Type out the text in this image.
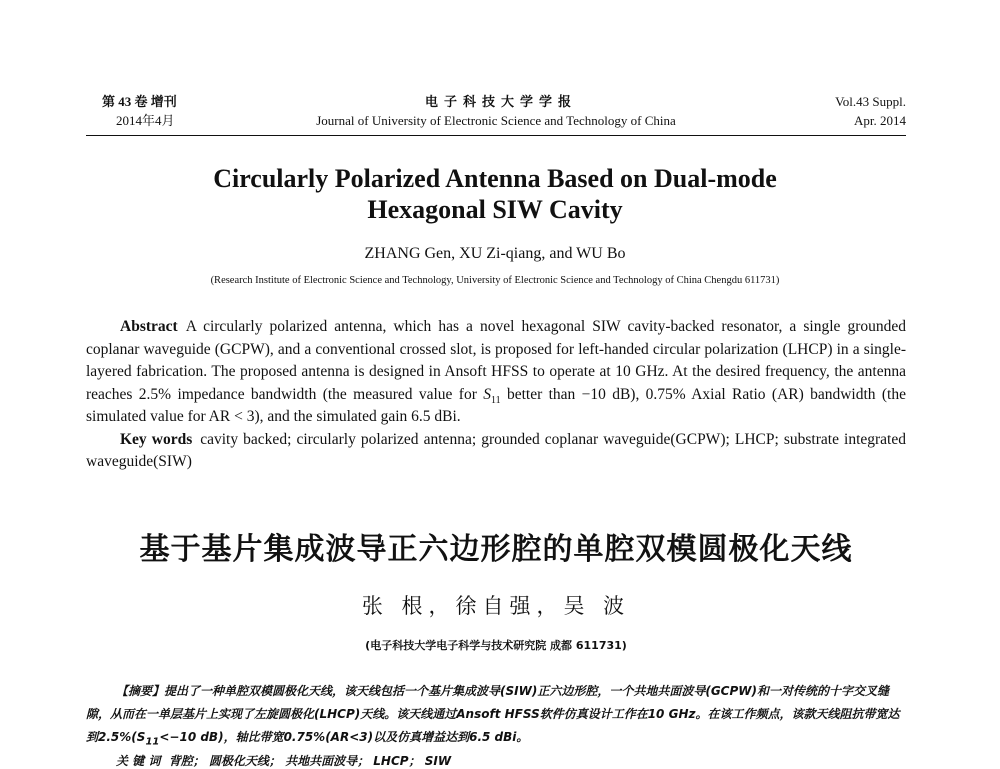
第 43 卷 增刊
2014年4月
电子科技大学学报
Journal of University of Electronic Science and Technology of China
Vol.43 Suppl.
Apr. 2014
Circularly Polarized Antenna Based on Dual-mode
Hexagonal SIW Cavity
ZHANG Gen, XU Zi-qiang, and WU Bo
(Research Institute of Electronic Science and Technology, University of Electronic Science and Technology of China Chengdu 611731)

Abstract A circularly polarized antenna, which has a novel hexagonal SIW cavity-backed resonator, a single grounded coplanar waveguide (GCPW), and a conventional crossed slot, is proposed for left-handed circular polarization (LHCP) in a single-layered fabrication. The proposed antenna is designed in Ansoft HFSS to operate at 10 GHz. At the desired frequency, the antenna reaches 2.5% impedance bandwidth (the measured value for $S_{11}$ better than −10 dB), 0.75% Axial Ratio (AR) bandwidth (the simulated value for AR < 3), and the simulated gain 6.5 dBi.

Key words cavity backed; circularly polarized antenna; grounded coplanar waveguide(GCPW); LHCP; substrate integrated waveguide(SIW)

基于基片集成波导正六边形腔的单腔双模圆极化天线
张 根，徐自强，吴 波
(电子科技大学电子科学与技术研究院 成都 611731)

【摘要】提出了一种单腔双模圆极化天线，该天线包括一个基片集成波导(SIW)正六边形腔，一个共地共面波导(GCPW)和一对传统的十字交叉缝隙，从而在一单层基片上实现了左旋圆极化(LHCP)天线。该天线通过Ansoft HFSS软件仿真设计工作在10 GHz。在该工作频点，该款天线阻抗带宽达到$2.5\%(S_{11}<-10$ dB)，轴比带宽0.75%(AR<3)以及仿真增益达到6.5 dBi。

关 键 词 背腔； 圆极化天线； 共地共面波导； LHCP； SIW
